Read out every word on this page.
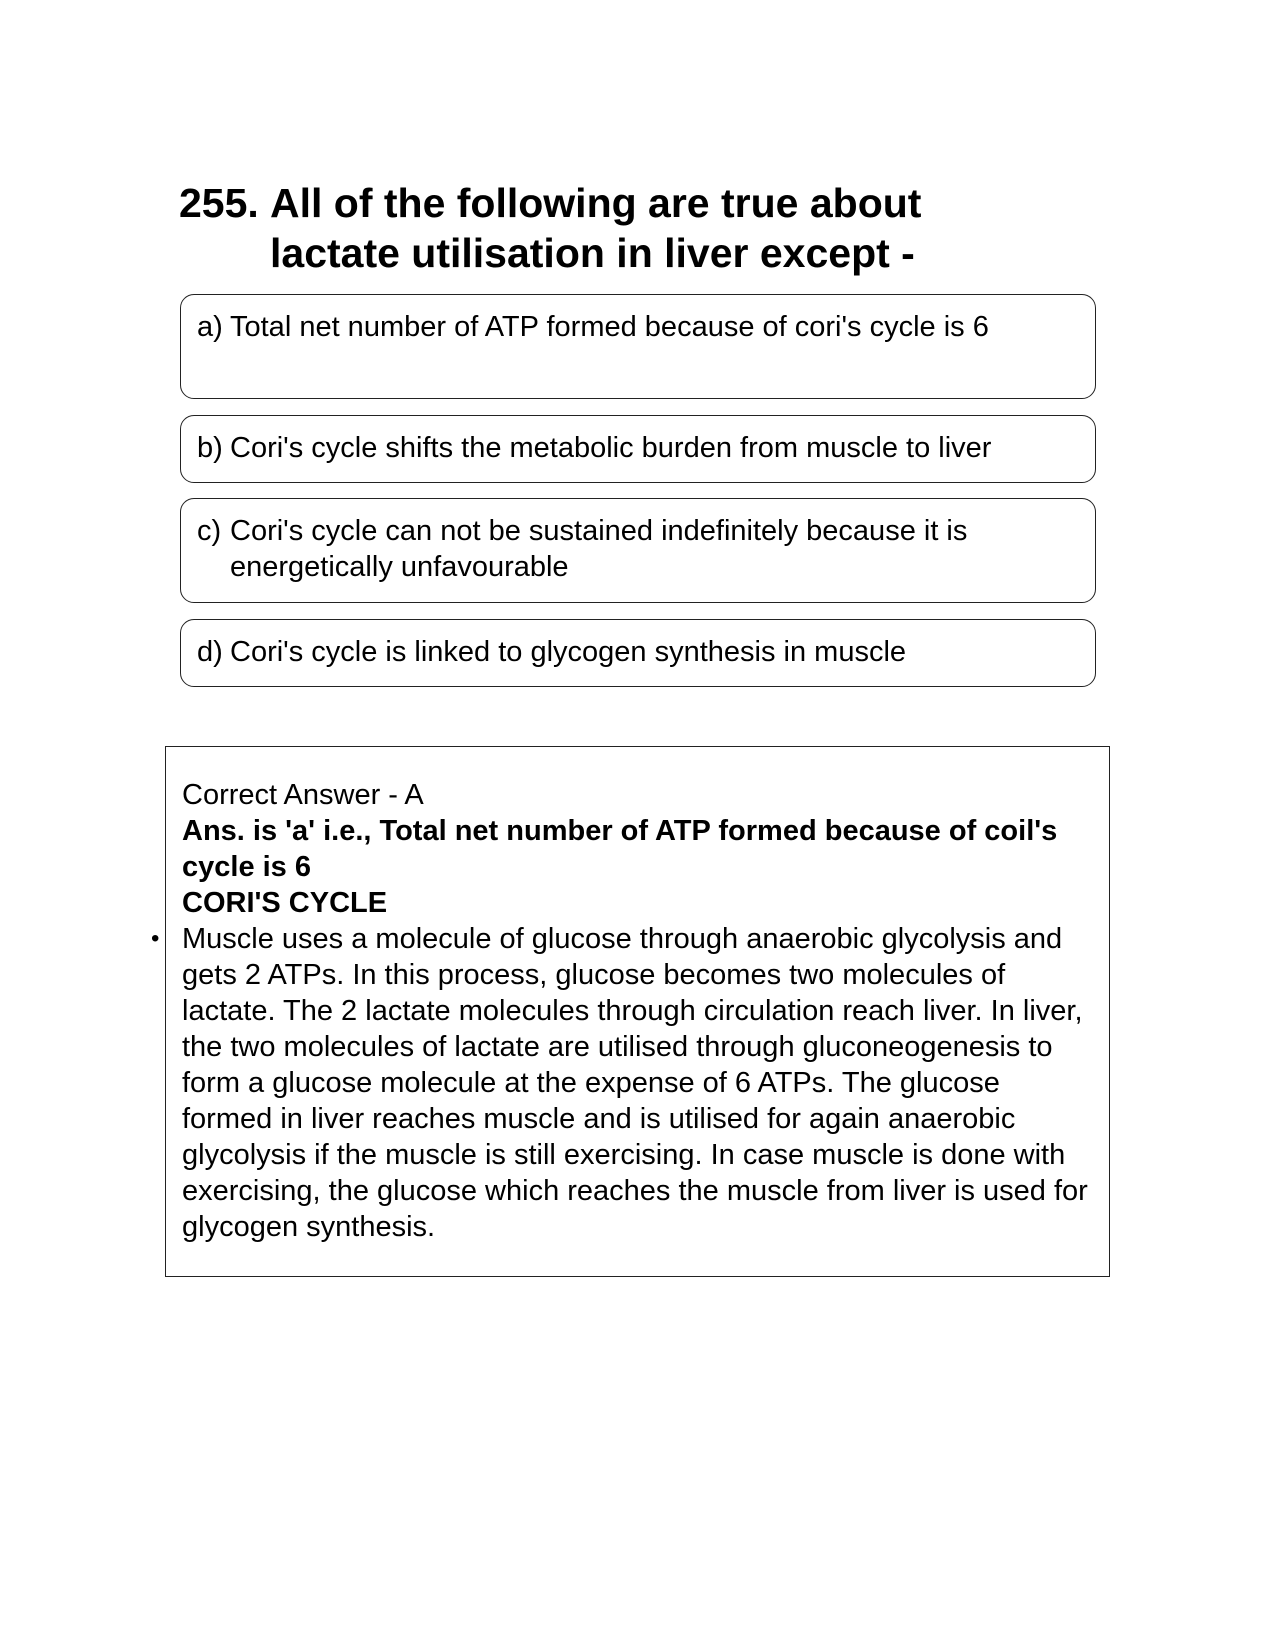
255. All of the following are true about lactate utilisation in liver except -
a) Total net number of ATP formed because of cori's cycle is 6
b) Cori's cycle shifts the metabolic burden from muscle to liver
c) Cori's cycle can not be sustained indefinitely because it is energetically unfavourable
d) Cori's cycle is linked to glycogen synthesis in muscle
Correct Answer - A
Ans. is 'a' i.e., Total net number of ATP formed because of coil's cycle is 6
CORI'S CYCLE
• Muscle uses a molecule of glucose through anaerobic glycolysis and gets 2 ATPs. In this process, glucose becomes two molecules of lactate. The 2 lactate molecules through circulation reach liver. In liver, the two molecules of lactate are utilised through gluconeogenesis to form a glucose molecule at the expense of 6 ATPs. The glucose formed in liver reaches muscle and is utilised for again anaerobic glycolysis if the muscle is still exercising. In case muscle is done with exercising, the glucose which reaches the muscle from liver is used for glycogen synthesis.
